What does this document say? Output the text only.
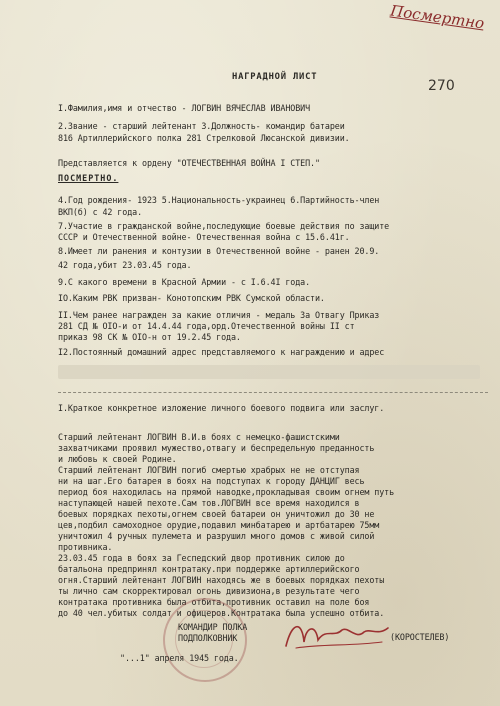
Посмертно
270
НАГРАДНОЙ ЛИСТ
I.Фамилия,имя и отчество - ЛОГВИН ВЯЧЕСЛАВ ИВАНОВИЧ
2.Звание - старший лейтенант 3.Должность- командир батареи
816 Артиллерийского полка 281 Стрелковой Люсанской дивизии.
Представляется к ордену "ОТЕЧЕСТВЕННАЯ ВОЙНА I СТЕП."
ПОСМЕРТНО.
4.Год рождения- 1923 5.Национальность-украинец 6.Партийность-член
ВКП(б) с 42 года.
7.Участие в гражданской войне,последующие боевые действия по защите
СССР и Отечественной войне- Отечественная война с 15.6.41г.
8.Имеет ли ранения и контузии в Отечественной войне - ранен 20.9.
42 года,убит 23.03.45 года.
9.С какого времени в Красной Армии - с I.6.4I года.
IO.Каким РВК призван- Конотопским РВК Сумской области.
II.Чем ранее награжден за какие отличия - медаль За Отвагу Приказ
281 СД № ОIО-и от 14.4.44 года,орд.Отечественной войны II ст
приказ 98 СК № ОIО-н от 19.2.45 года.
I2.Постоянный домашний адрес представляемого к награждению и адрес
I.Краткое конкретное изложение личного боевого подвига или заслуг.
Старший лейтенант ЛОГВИН В.И.в боях с немецко-фашистскими
захватчиками проявил мужество,отвагу и беспредельную преданность
и любовь к своей Родине.
Старший лейтенант ЛОГВИН погиб смертью храбрых не не отступая
ни на шаг.Его батарея в боях на подступах к городу ДАНЦИГ весь
период боя находилась на прямой наводке,прокладывая своим огнем путь
наступающей нашей пехоте.Сам тов.ЛОГВИН все время находился в
боевых порядках пехоты,огнем своей батареи он уничтожил до 30 не
цев,подбил самоходное орудие,подавил минбатарею и артбатарею 75мм
уничтожил 4 ручных пулемета и разрушил много домов с живой силой
противника.
23.03.45 года в боях за Геспедский двор противник силою до
батальона предпринял контратаку.при поддержке артиллерийского
огня.Старший лейтенант ЛОГВИН находясь же в боевых порядках пехоты
ты лично сам скорректировал огонь дивизиона,в результате чего
контратака противника была отбита,противник оставил на поле боя
до 40 чел.убитых солдат и офицеров.Контратака была успешно отбита.
КОМАНДИР ПОЛКА
ПОДПОЛКОВНИК	(КОРОСТЕЛЕВ)
"...1" апреля 1945 года.
